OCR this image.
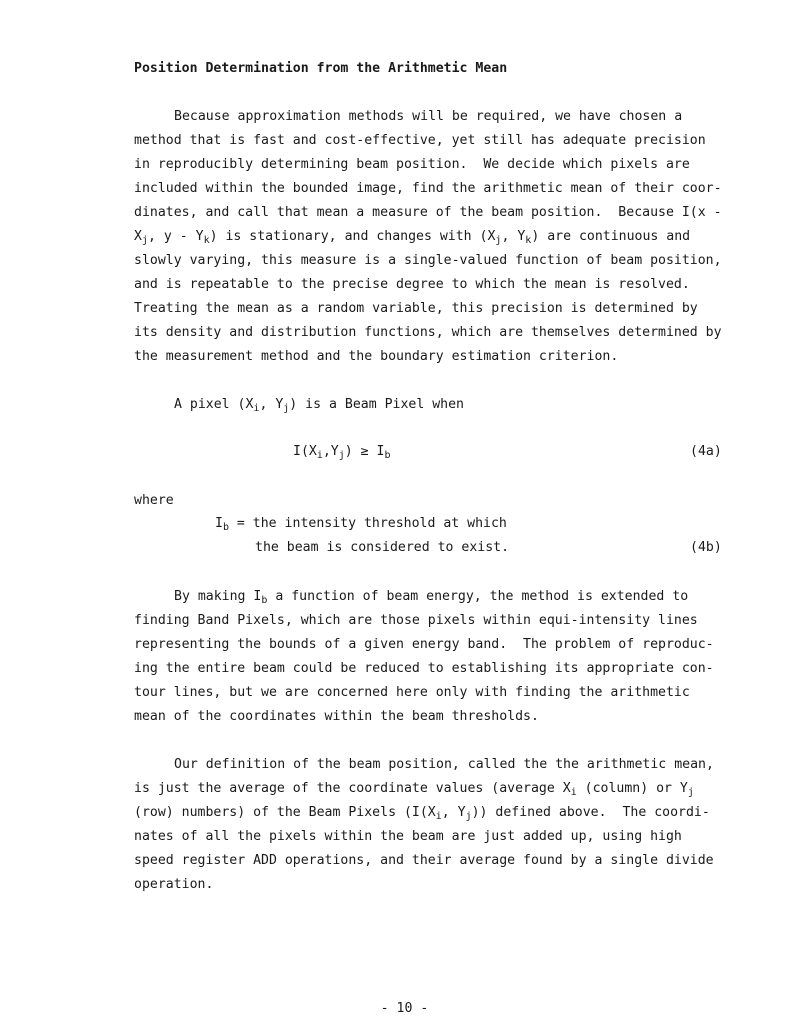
Position Determination from the Arithmetic Mean
Because approximation methods will be required, we have chosen a
method that is fast and cost-effective, yet still has adequate precision
in reproducibly determining beam position.  We decide which pixels are
included within the bounded image, find the arithmetic mean of their coor-
dinates, and call that mean a measure of the beam position.  Because I(x -
$X_j$, y - $Y_k$) is stationary, and changes with ($X_j$, $Y_k$) are continuous and
slowly varying, this measure is a single-valued function of beam position,
and is repeatable to the precise degree to which the mean is resolved.
Treating the mean as a random variable, this precision is determined by
its density and distribution functions, which are themselves determined by
the measurement method and the boundary estimation criterion.
A pixel ($X_i$, $Y_j$) is a Beam Pixel when
$I(X_i,Y_j) \ge I_b$	(4a)
where
$I_b$ = the intensity threshold at which
the beam is considered to exist.	(4b)
By making $I_b$ a function of beam energy, the method is extended to
finding Band Pixels, which are those pixels within equi-intensity lines
representing the bounds of a given energy band.  The problem of reproduc-
ing the entire beam could be reduced to establishing its appropriate con-
tour lines, but we are concerned here only with finding the arithmetic
mean of the coordinates within the beam thresholds.
Our definition of the beam position, called the the arithmetic mean,
is just the average of the coordinate values (average $X_i$ (column) or $Y_j$
(row) numbers) of the Beam Pixels ($I(X_i$, $Y_j$)) defined above.  The coordi-
nates of all the pixels within the beam are just added up, using high
speed register ADD operations, and their average found by a single divide
operation.
- 10 -
